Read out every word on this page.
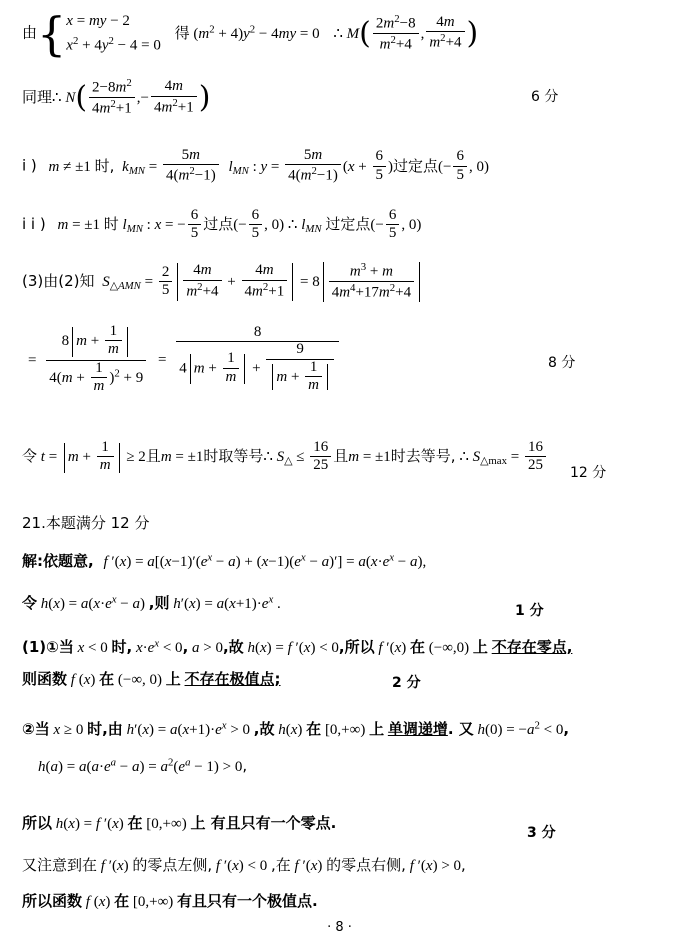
由{ x = my − 2
$x^2 + 4y^2 - 4 = 0$
得 $(m^2 + 4)y^2 - 4my = 0$ ∴ $M( \frac{2m^2-8}{m^2+4}$ , $\frac{4m}{m^2+4}$ )
同理∴ $N( \frac{2-8m^2}{4m^2+1}$ ,− $\frac{4m}{4m^2+1}$ )	6 分
i ) m ≠ ±1 时, $k_{MN} = \frac{5m}{4(m^2-1)} l_{MN}$ : $y = \frac{5m}{4(m^2-1)} (x + \frac{6}{5}$ )过定点(− $\frac{6}{5}$ , 0)
i i ) m = ±1 时 $l_{MN}$ : x = − $\frac{6}{5}$ 过点(− $\frac{6}{5}$ , 0) ∴ $l_{MN}$ 过定点(− $\frac{6}{5}$ , 0)
(3)由(2)知 $S_{\triangle AMN} = \frac{2}{5} \frac{4m}{m^2+4} + \frac{4m}{4m^2+1} = 8 \frac{m^3 + m}{4m^4+17m^2+4}$
= $\frac{8 m + \frac{1}{m}}{4(m + \frac{1}{m} )^2 + 9} = \frac{8}{4 m + \frac{1}{m} + \frac{9}{m + \frac{1}{m}}}$	8 分
令 $t = m + \frac{1}{m} \ge 2$且m = ±1时取等号∴ $S_\triangle \le \frac{16}{25}$ 且m = ±1时去等号, ∴ $S_{\triangle max} = \frac{16}{25} 12$ 分
21.本题满分 12 分
解:依题意, f $'(x) = a[(x-1)'(e^x - a) + (x-1)(e^x - a)'] = a(x\cdot e^x - a)$,
令 $h(x) = a(x\cdot e^x - a)$ ,则 $h'(x) = a(x+1)\cdot e^x$ .	1 分
(1)①当 x < 0 时, $x\cdot e^x < 0$, a > 0,故 h(x) = f ′(x) < 0,所以 f ′(x) 在 (−∞,0) 上 不存在零点,
则函数 f (x) 在 (−∞, 0) 上 不存在极值点;	2 分
②当 x ≥ 0 时,由 $h'(x) = a(x+1)\cdot e^x > 0$ ,故 h(x) 在 [0,+∞) 上 单调递增. 又 $h(0) = -a^2 < 0$,
$h(a) = a(a\cdot e^a - a) = a^2(e^a - 1) > 0$,
所以 h(x) = f ′(x) 在 [0,+∞) 上 有且只有一个零点.
3 分
又注意到在 f ′(x) 的零点左侧, f ′(x) < 0 ,在 f ′(x) 的零点右侧, f ′(x) > 0,
所以函数 f (x) 在 [0,+∞) 有且只有一个极值点.
· 8 ·
